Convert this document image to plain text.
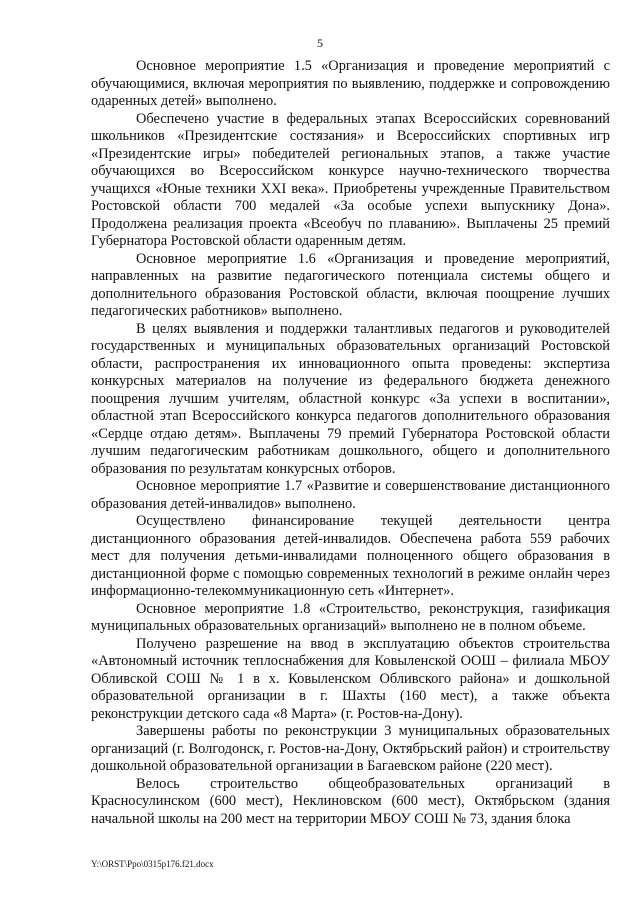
5

Основное мероприятие 1.5 «Организация и проведение мероприятий с обучающимися, включая мероприятия по выявлению, поддержке и сопровождению одаренных детей» выполнено.

Обеспечено участие в федеральных этапах Всероссийских соревнований школьников «Президентские состязания» и Всероссийских спортивных игр «Президентские игры» победителей региональных этапов, а также участие обучающихся во Всероссийском конкурсе научно-технического творчества учащихся «Юные техники XXI века». Приобретены учрежденные Правительством Ростовской области 700 медалей «За особые успехи выпускнику Дона». Продолжена реализация проекта «Всеобуч по плаванию». Выплачены 25 премий Губернатора Ростовской области одаренным детям.

Основное мероприятие 1.6 «Организация и проведение мероприятий, направленных на развитие педагогического потенциала системы общего и дополнительного образования Ростовской области, включая поощрение лучших педагогических работников» выполнено.

В целях выявления и поддержки талантливых педагогов и руководителей государственных и муниципальных образовательных организаций Ростовской области, распространения их инновационного опыта проведены: экспертиза конкурсных материалов на получение из федерального бюджета денежного поощрения лучшим учителям, областной конкурс «За успехи в воспитании», областной этап Всероссийского конкурса педагогов дополнительного образования «Сердце отдаю детям». Выплачены 79 премий Губернатора Ростовской области лучшим педагогическим работникам дошкольного, общего и дополнительного образования по результатам конкурсных отборов.

Основное мероприятие 1.7 «Развитие и совершенствование дистанционного образования детей-инвалидов» выполнено.

Осуществлено финансирование текущей деятельности центра дистанционного образования детей-инвалидов. Обеспечена работа 559 рабочих мест для получения детьми-инвалидами полноценного общего образования в дистанционной форме с помощью современных технологий в режиме онлайн через информационно-телекоммуникационную сеть «Интернет».

Основное мероприятие 1.8 «Строительство, реконструкция, газификация муниципальных образовательных организаций» выполнено не в полном объеме.

Получено разрешение на ввод в эксплуатацию объектов строительства «Автономный источник теплоснабжения для Ковыленской ООШ – филиала МБОУ Обливской СОШ № 1 в х. Ковыленском Обливского района» и дошкольной образовательной организации в г. Шахты (160 мест), а также объекта реконструкции детского сада «8 Марта» (г. Ростов-на-Дону).

Завершены работы по реконструкции 3 муниципальных образовательных организаций (г. Волгодонск, г. Ростов-на-Дону, Октябрьский район) и строительству дошкольной образовательной организации в Багаевском районе (220 мест).

Велось строительство общеобразовательных организаций в Красносулинском (600 мест), Неклиновском (600 мест), Октябрьском (здания начальной школы на 200 мест на территории МБОУ СОШ № 73, здания блока

Y:\ORST\Ppo\0315p176.f21.docx
